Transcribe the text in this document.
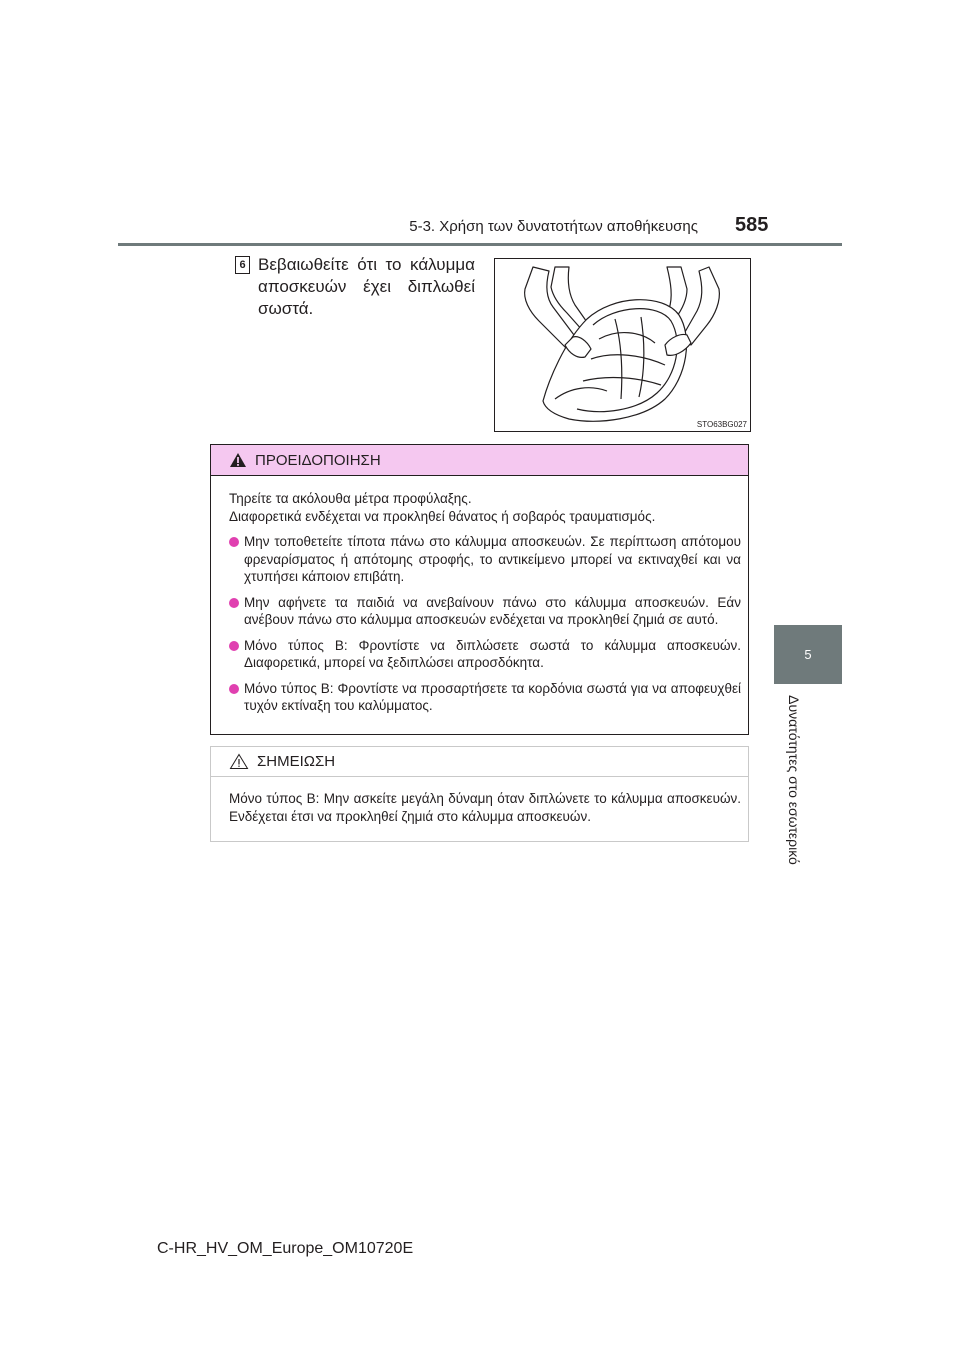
5-3. Χρήση των δυνατοτήτων αποθήκευσης 585
5
Δυνατότητες στο εσωτερικό
6 Βεβαιωθείτε ότι το κάλυμμα αποσκευών έχει διπλωθεί σωστά.
STO63BG027
ΠΡΟΕΙΔΟΠΟΙΗΣΗ

Τηρείτε τα ακόλουθα μέτρα προφύλαξης.

Διαφορετικά ενδέχεται να προκληθεί θάνατος ή σοβαρός τραυματισμός.

Μην τοποθετείτε τίποτα πάνω στο κάλυμμα αποσκευών. Σε περίπτωση απότομου φρεναρίσματος ή απότομης στροφής, το αντικείμενο μπορεί να εκτιναχθεί και να χτυπήσει κάποιον επιβάτη.
Μην αφήνετε τα παιδιά να ανεβαίνουν πάνω στο κάλυμμα αποσκευών. Εάν ανέβουν πάνω στο κάλυμμα αποσκευών ενδέχεται να προκληθεί ζημιά σε αυτό.
Μόνο τύπος B: Φροντίστε να διπλώσετε σωστά το κάλυμμα αποσκευών. Διαφορετικά, μπορεί να ξεδιπλώσει απροσδόκητα.
Μόνο τύπος B: Φροντίστε να προσαρτήσετε τα κορδόνια σωστά για να αποφευχθεί τυχόν εκτίναξη του καλύμματος.
ΣΗΜΕΙΩΣΗ
Μόνο τύπος B: Μην ασκείτε μεγάλη δύναμη όταν διπλώνετε το κάλυμμα αποσκευών. Ενδέχεται έτσι να προκληθεί ζημιά στο κάλυμμα αποσκευών.
C-HR_HV_OM_Europe_OM10720E
